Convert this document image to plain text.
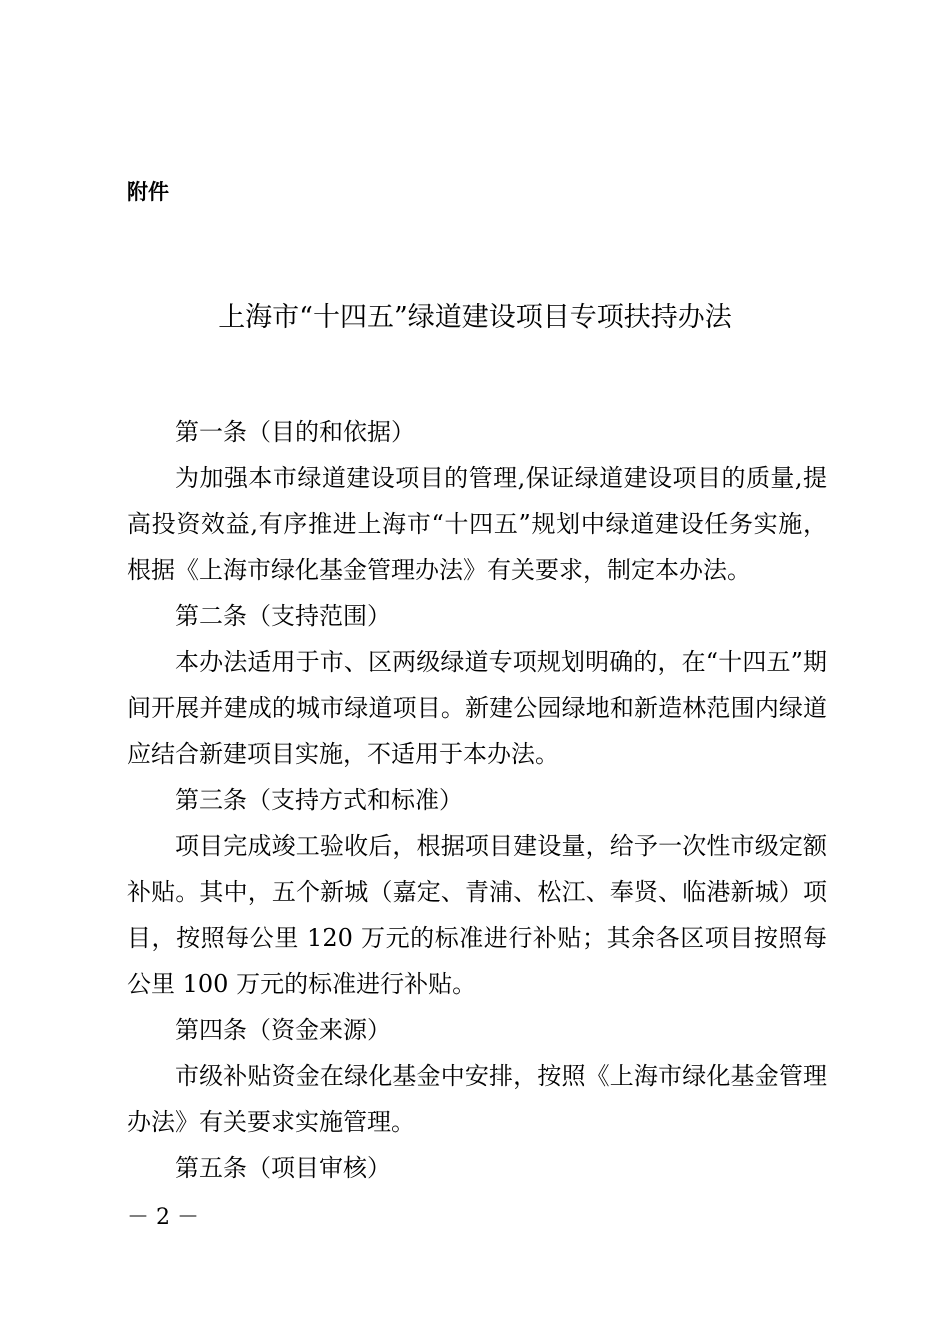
附件
上海市“十四五”绿道建设项目专项扶持办法

第一条（目的和依据）

为加强本市绿道建设项目的管理,保证绿道建设项目的质量,提高投资效益,有序推进上海市“十四五”规划中绿道建设任务实施，根据《上海市绿化基金管理办法》有关要求，制定本办法。

第二条（支持范围）

本办法适用于市、区两级绿道专项规划明确的，在“十四五”期间开展并建成的城市绿道项目。新建公园绿地和新造林范围内绿道应结合新建项目实施，不适用于本办法。

第三条（支持方式和标准）

项目完成竣工验收后，根据项目建设量，给予一次性市级定额补贴。其中，五个新城（嘉定、青浦、松江、奉贤、临港新城）项目，按照每公里 120 万元的标准进行补贴；其余各区项目按照每公里 100 万元的标准进行补贴。

第四条（资金来源）

市级补贴资金在绿化基金中安排，按照《上海市绿化基金管理办法》有关要求实施管理。

第五条（项目审核）

－ 2 －
